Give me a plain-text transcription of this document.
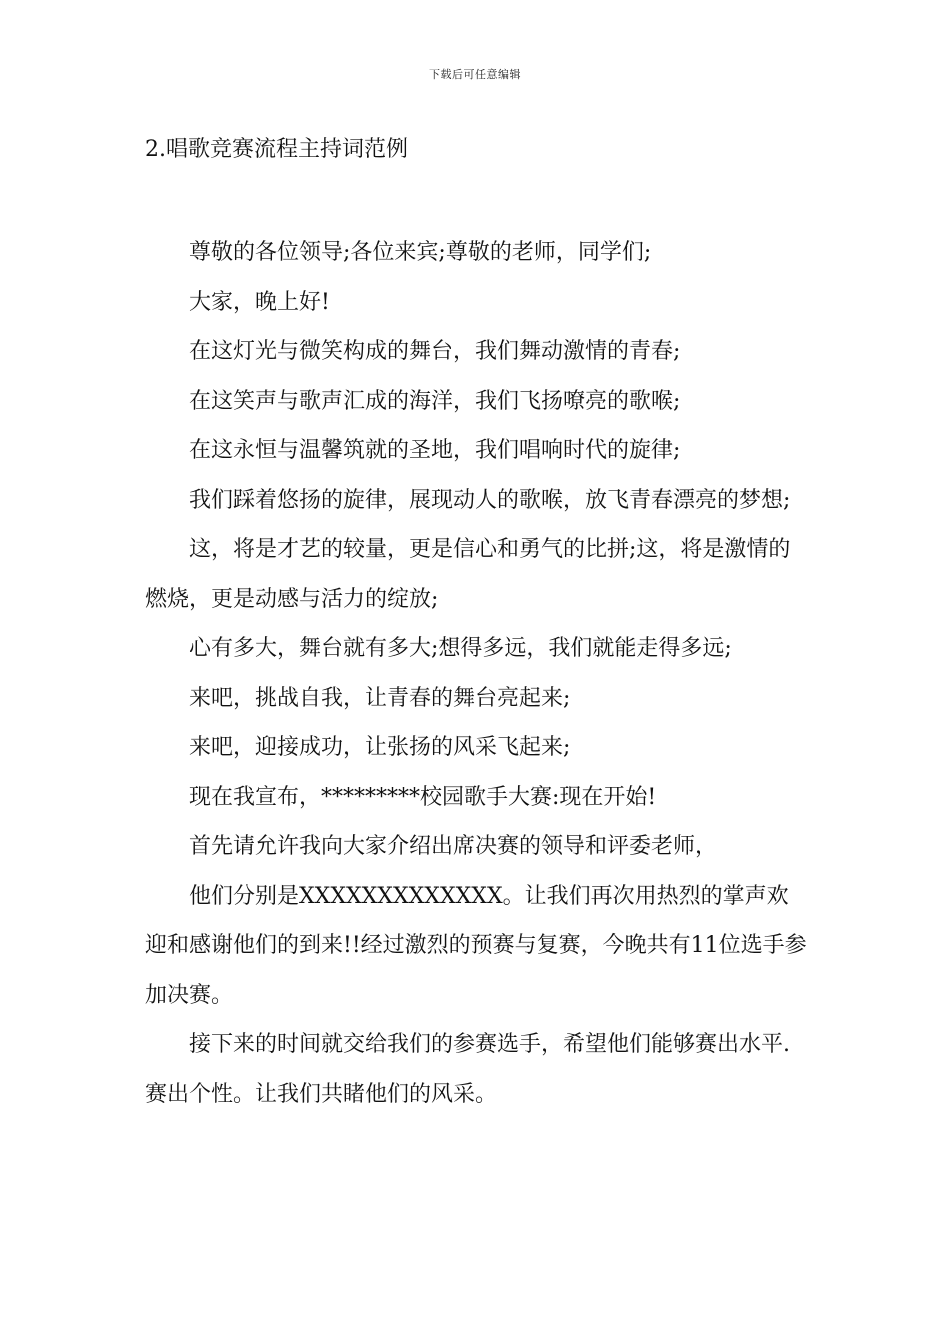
下载后可任意编辑
2.唱歌竞赛流程主持词范例

尊敬的各位领导;各位来宾;尊敬的老师，同学们;

大家，晚上好!

在这灯光与微笑构成的舞台，我们舞动激情的青春;

在这笑声与歌声汇成的海洋，我们飞扬嘹亮的歌喉;

在这永恒与温馨筑就的圣地，我们唱响时代的旋律;

我们踩着悠扬的旋律，展现动人的歌喉，放飞青春漂亮的梦想;

这，将是才艺的较量，更是信心和勇气的比拼;这，将是激情的燃烧，更是动感与活力的绽放;

心有多大，舞台就有多大;想得多远，我们就能走得多远;

来吧，挑战自我，让青春的舞台亮起来;

来吧，迎接成功，让张扬的风采飞起来;

现在我宣布，*********校园歌手大赛:现在开始!

首先请允许我向大家介绍出席决赛的领导和评委老师，

他们分别是XXXXXXXXXXXXX。让我们再次用热烈的掌声欢迎和感谢他们的到来!!经过激烈的预赛与复赛，今晚共有11位选手参加决赛。

接下来的时间就交给我们的参赛选手，希望他们能够赛出水平.赛出个性。让我们共睹他们的风采。
